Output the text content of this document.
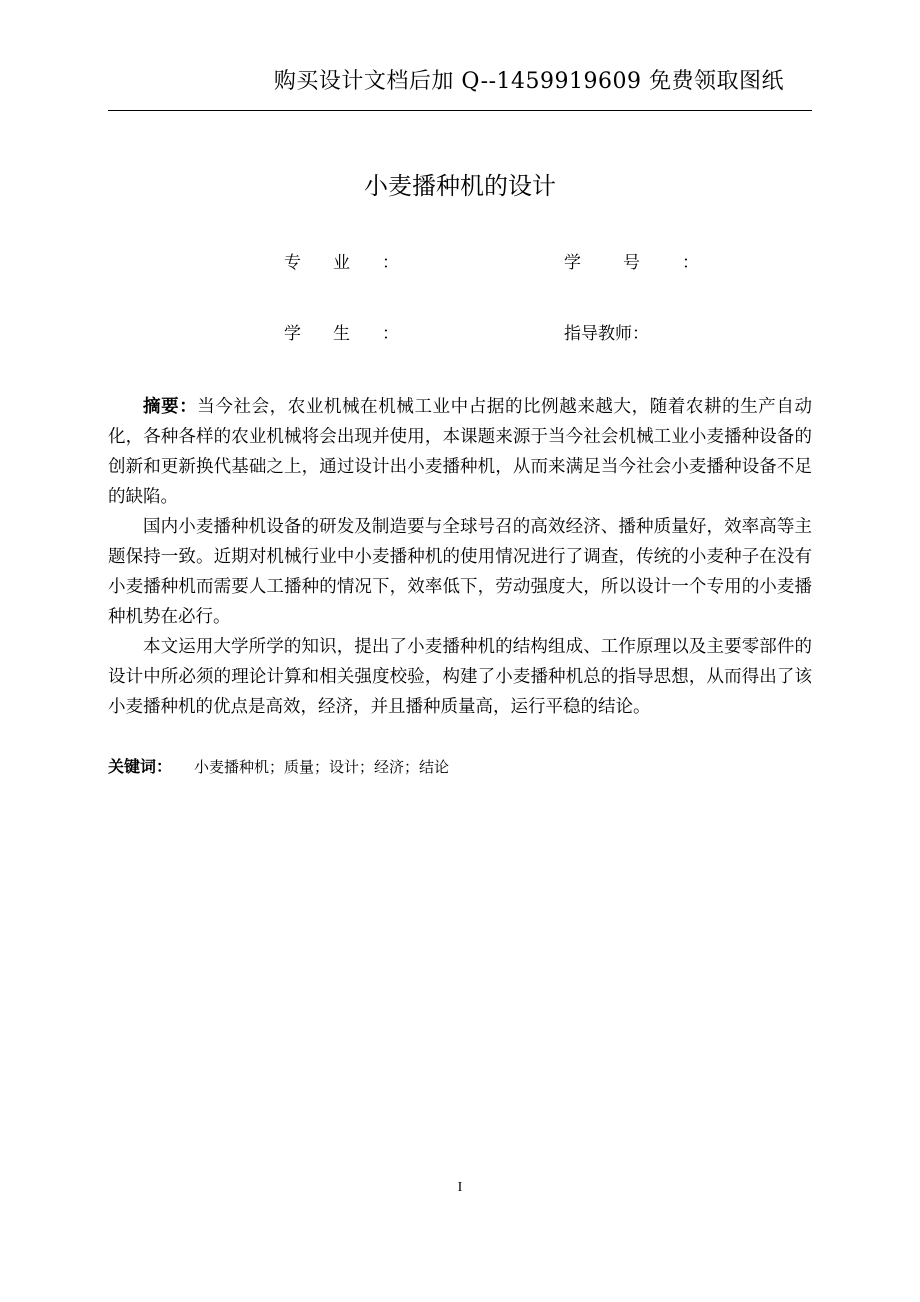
购买设计文档后加 Q--1459919609 免费领取图纸
小麦播种机的设计
专业：	学号：
学生：	指导教师：

摘要：当今社会，农业机械在机械工业中占据的比例越来越大，随着农耕的生产自动化，各种各样的农业机械将会出现并使用，本课题来源于当今社会机械工业小麦播种设备的创新和更新换代基础之上，通过设计出小麦播种机，从而来满足当今社会小麦播种设备不足的缺陷。

国内小麦播种机设备的研发及制造要与全球号召的高效经济、播种质量好，效率高等主题保持一致。近期对机械行业中小麦播种机的使用情况进行了调查，传统的小麦种子在没有小麦播种机而需要人工播种的情况下，效率低下，劳动强度大，所以设计一个专用的小麦播种机势在必行。

本文运用大学所学的知识，提出了小麦播种机的结构组成、工作原理以及主要零部件的设计中所必须的理论计算和相关强度校验，构建了小麦播种机总的指导思想，从而得出了该小麦播种机的优点是高效，经济，并且播种质量高，运行平稳的结论。

关键词： 小麦播种机；质量；设计；经济；结论
I
